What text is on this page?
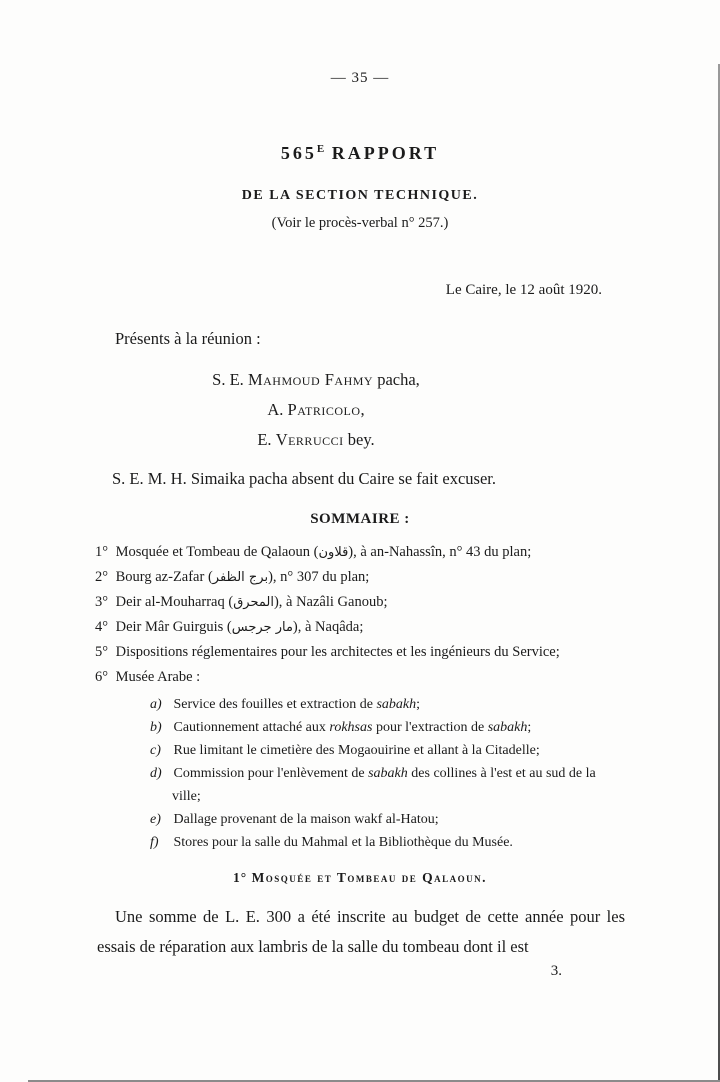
— 35 —
$565^E$ RAPPORT
DE LA SECTION TECHNIQUE.
(Voir le procès-verbal n° 257.)
Le Caire, le 12 août 1920.
Présents à la réunion :
S. E. Mahmoud Fahmy pacha,
A. Patricolo,
E. Verrucci bey.
S. E. M. H. Simaika pacha absent du Caire se fait excuser.
SOMMAIRE :
1° Mosquée et Tombeau de Qalaoun (قلاون), à an-Nahassîn, n° 43 du plan;
2° Bourg az-Zafar (برج الظفر), n° 307 du plan;
3° Deir al-Mouharraq (المحرق), à Nazâli Ganoub;
4° Deir Mâr Guirguis (مار جرجس), à Naqâda;
5° Dispositions réglementaires pour les architectes et les ingénieurs du Service;
6° Musée Arabe :
a) Service des fouilles et extraction de sabakh;
b) Cautionnement attaché aux rokhsas pour l'extraction de sabakh;
c) Rue limitant le cimetière des Mogaouirine et allant à la Citadelle;
d) Commission pour l'enlèvement de sabakh des collines à l'est et au sud de la ville;
e) Dallage provenant de la maison wakf al-Hatou;
f) Stores pour la salle du Mahmal et la Bibliothèque du Musée.
1° Mosquée et Tombeau de Qalaoun.
Une somme de L. E. 300 a été inscrite au budget de cette année pour les essais de réparation aux lambris de la salle du tombeau dont il est
3.
